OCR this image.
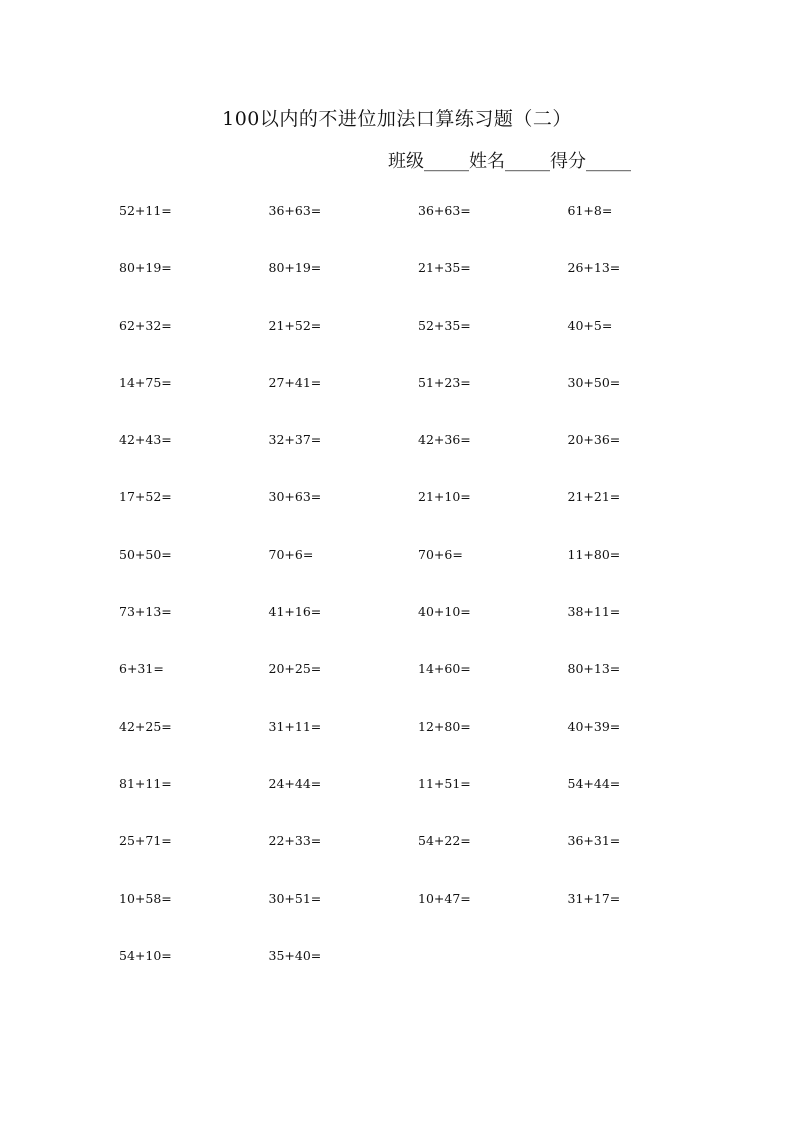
100以内的不进位加法口算练习题（二）
班级_____姓名_____得分_____
52+11=	36+63=	36+63=	61+8=
80+19=	80+19=	21+35=	26+13=
62+32=	21+52=	52+35=	40+5=
14+75=	27+41=	51+23=	30+50=
42+43=	32+37=	42+36=	20+36=
17+52=	30+63=	21+10=	21+21=
50+50=	70+6=	70+6=	11+80=
73+13=	41+16=	40+10=	38+11=
6+31=	20+25=	14+60=	80+13=
42+25=	31+11=	12+80=	40+39=
81+11=	24+44=	11+51=	54+44=
25+71=	22+33=	54+22=	36+31=
10+58=	30+51=	10+47=	31+17=
54+10=	35+40=
